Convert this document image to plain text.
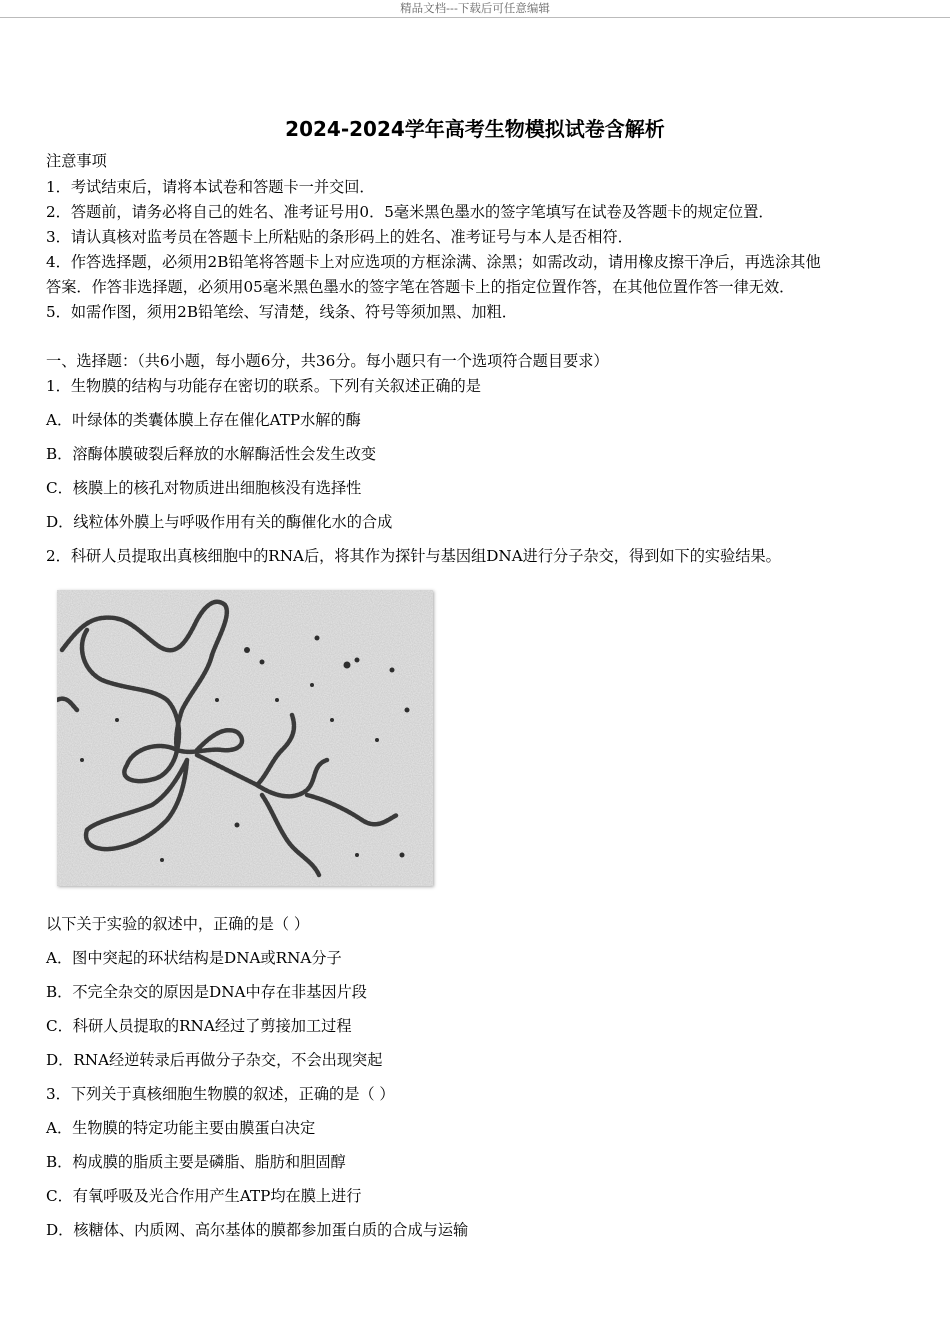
精品文档---下载后可任意编辑
2024-2024学年高考生物模拟试卷含解析
注意事项
1．考试结束后，请将本试卷和答题卡一并交回．
2．答题前，请务必将自己的姓名、准考证号用0．5毫米黑色墨水的签字笔填写在试卷及答题卡的规定位置．
3．请认真核对监考员在答题卡上所粘贴的条形码上的姓名、准考证号与本人是否相符．
4．作答选择题，必须用2B铅笔将答题卡上对应选项的方框涂满、涂黑；如需改动，请用橡皮擦干净后，再选涂其他
答案．作答非选择题，必须用05毫米黑色墨水的签字笔在答题卡上的指定位置作答，在其他位置作答一律无效．
5．如需作图，须用2B铅笔绘、写清楚，线条、符号等须加黑、加粗．
一、选择题：（共6小题，每小题6分，共36分。每小题只有一个选项符合题目要求）
1．生物膜的结构与功能存在密切的联系。下列有关叙述正确的是
A．叶绿体的类囊体膜上存在催化ATP水解的酶
B．溶酶体膜破裂后释放的水解酶活性会发生改变
C．核膜上的核孔对物质进出细胞核没有选择性
D．线粒体外膜上与呼吸作用有关的酶催化水的合成
2．科研人员提取出真核细胞中的RNA后，将其作为探针与基因组DNA进行分子杂交，得到如下的实验结果。
以下关于实验的叙述中，正确的是（ ）
A．图中突起的环状结构是DNA或RNA分子
B．不完全杂交的原因是DNA中存在非基因片段
C．科研人员提取的RNA经过了剪接加工过程
D．RNA经逆转录后再做分子杂交，不会出现突起
3．下列关于真核细胞生物膜的叙述，正确的是（ ）
A．生物膜的特定功能主要由膜蛋白决定
B．构成膜的脂质主要是磷脂、脂肪和胆固醇
C．有氧呼吸及光合作用产生ATP均在膜上进行
D．核糖体、内质网、高尔基体的膜都参加蛋白质的合成与运输
